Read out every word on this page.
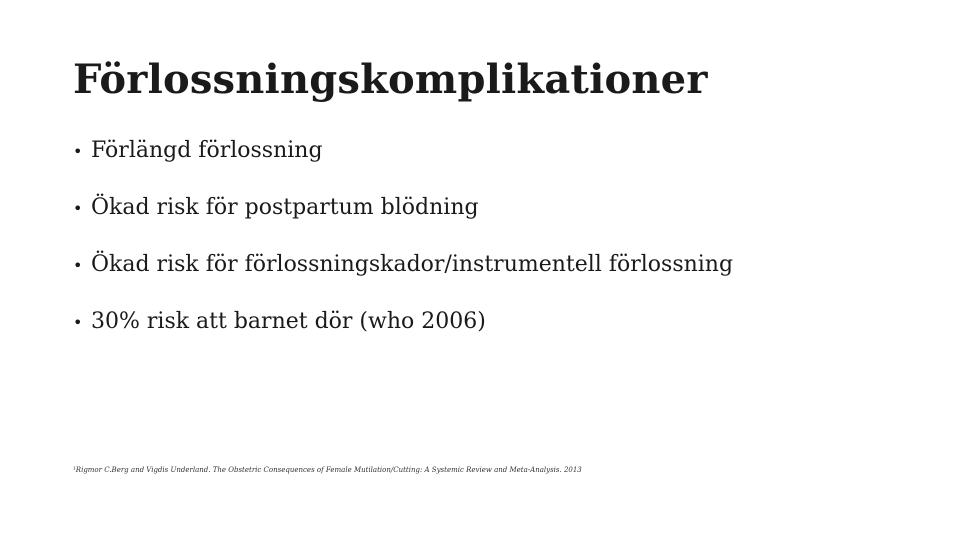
Förlossningskomplikationer
• Förlängd förlossning
• Ökad risk för postpartum blödning
• Ökad risk för förlossningskador/instrumentell förlossning
• 30% risk att barnet dör (who 2006)
¹Rigmor C.Berg and Vigdis Underland. The Obstetric Consequences of Female Mutilation/Cutting: A Systemic Review and Meta-Analysis. 2013
